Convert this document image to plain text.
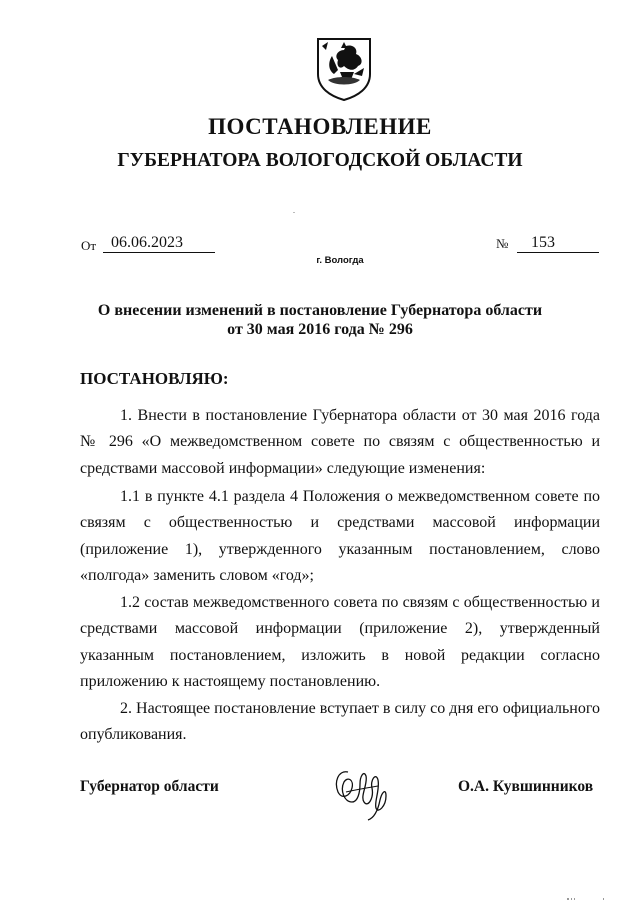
ПОСТАНОВЛЕНИЕ
ГУБЕРНАТОРА ВОЛОГОДСКОЙ ОБЛАСТИ
От 06.06.2023	№	153
г. Вологда
О внесении изменений в постановление Губернатора области
от 30 мая 2016 года № 296
ПОСТАНОВЛЯЮ:

1. Внести в постановление Губернатора области от 30 мая 2016 года № 296 «О межведомственном совете по связям с общественностью и средствами массовой информации» следующие изменения:

1.1 в пункте 4.1 раздела 4 Положения о межведомственном совете по связям с общественностью и средствами массовой информации (приложение 1), утвержденного указанным постановлением, слово «полгода» заменить словом «год»;

1.2 состав межведомственного совета по связям с общественностью и средствами массовой информации (приложение 2), утвержденный указанным постановлением, изложить в новой редакции согласно приложению к настоящему постановлению.

2. Настоящее постановление вступает в силу со дня его официального опубликования.

Губернатор области	О.А. Кувшинников
